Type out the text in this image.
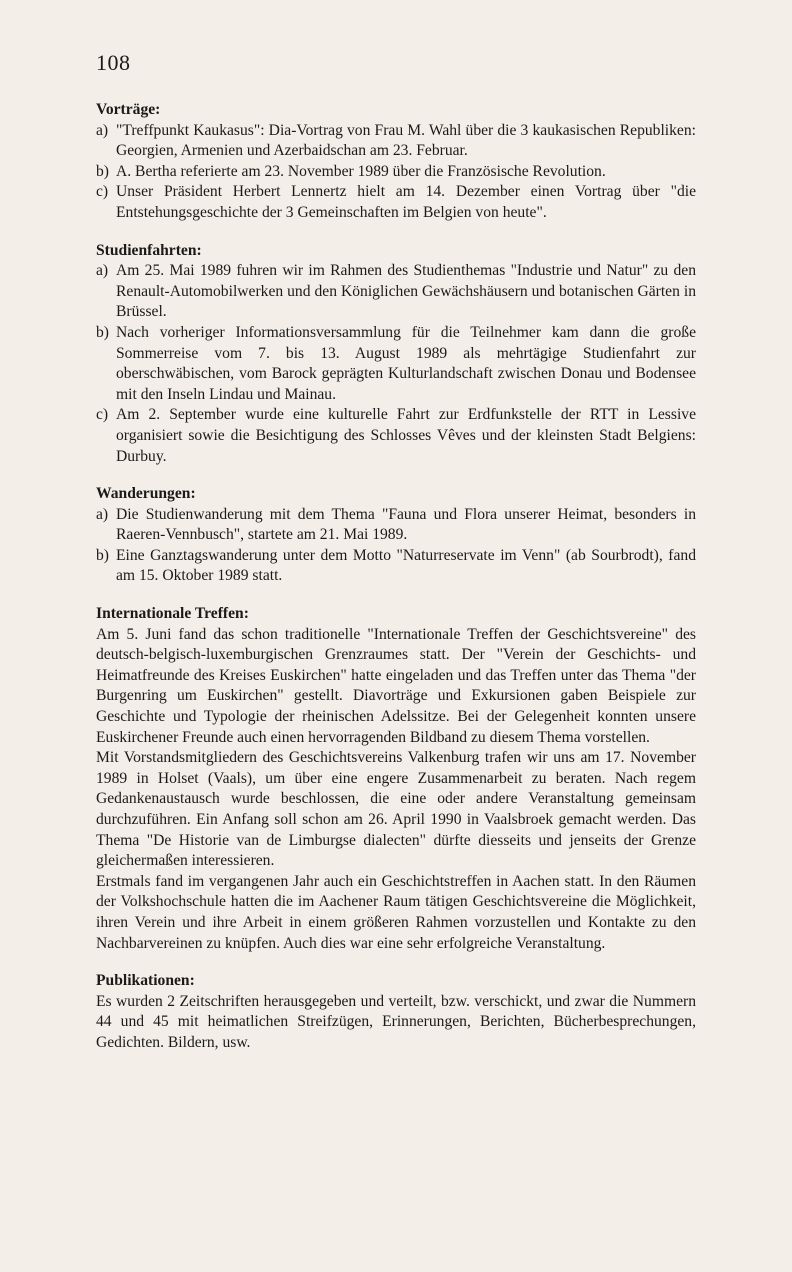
108

Vorträge:

a) "Treffpunkt Kaukasus": Dia-Vortrag von Frau M. Wahl über die 3 kaukasischen Republiken: Georgien, Armenien und Azerbaidschan am 23. Februar.
b) A. Bertha referierte am 23. November 1989 über die Französische Revolution.
c) Unser Präsident Herbert Lennertz hielt am 14. Dezember einen Vortrag über "die Entstehungsgeschichte der 3 Gemeinschaften im Belgien von heute".

Studienfahrten:

a) Am 25. Mai 1989 fuhren wir im Rahmen des Studienthemas "Industrie und Natur" zu den Renault-Automobilwerken und den Königlichen Gewächshäusern und botanischen Gärten in Brüssel.
b) Nach vorheriger Informationsversammlung für die Teilnehmer kam dann die große Sommerreise vom 7. bis 13. August 1989 als mehrtägige Studienfahrt zur oberschwäbischen, vom Barock geprägten Kulturlandschaft zwischen Donau und Bodensee mit den Inseln Lindau und Mainau.
c) Am 2. September wurde eine kulturelle Fahrt zur Erdfunkstelle der RTT in Lessive organisiert sowie die Besichtigung des Schlosses Vêves und der kleinsten Stadt Belgiens: Durbuy.

Wanderungen:

a) Die Studienwanderung mit dem Thema "Fauna und Flora unserer Heimat, besonders in Raeren-Vennbusch", startete am 21. Mai 1989.
b) Eine Ganztagswanderung unter dem Motto "Naturreservate im Venn" (ab Sourbrodt), fand am 15. Oktober 1989 statt.

Internationale Treffen:

Am 5. Juni fand das schon traditionelle "Internationale Treffen der Geschichtsvereine" des deutsch-belgisch-luxemburgischen Grenzraumes statt. Der "Verein der Geschichts- und Heimatfreunde des Kreises Euskirchen" hatte eingeladen und das Treffen unter das Thema "der Burgenring um Euskirchen" gestellt. Diavorträge und Exkursionen gaben Beispiele zur Geschichte und Typologie der rheinischen Adelssitze. Bei der Gelegenheit konnten unsere Euskirchener Freunde auch einen hervorragenden Bildband zu diesem Thema vorstellen.

Mit Vorstandsmitgliedern des Geschichtsvereins Valkenburg trafen wir uns am 17. November 1989 in Holset (Vaals), um über eine engere Zusammenarbeit zu beraten. Nach regem Gedankenaustausch wurde beschlossen, die eine oder andere Veranstaltung gemeinsam durchzuführen. Ein Anfang soll schon am 26. April 1990 in Vaalsbroek gemacht werden. Das Thema "De Historie van de Limburgse dialecten" dürfte diesseits und jenseits der Grenze gleichermaßen interessieren.

Erstmals fand im vergangenen Jahr auch ein Geschichtstreffen in Aachen statt. In den Räumen der Volkshochschule hatten die im Aachener Raum tätigen Geschichtsvereine die Möglichkeit, ihren Verein und ihre Arbeit in einem größeren Rahmen vorzustellen und Kontakte zu den Nachbarvereinen zu knüpfen. Auch dies war eine sehr erfolgreiche Veranstaltung.

Publikationen:

Es wurden 2 Zeitschriften herausgegeben und verteilt, bzw. verschickt, und zwar die Nummern 44 und 45 mit heimatlichen Streifzügen, Erinnerungen, Berichten, Bücherbesprechungen, Gedichten. Bildern, usw.
